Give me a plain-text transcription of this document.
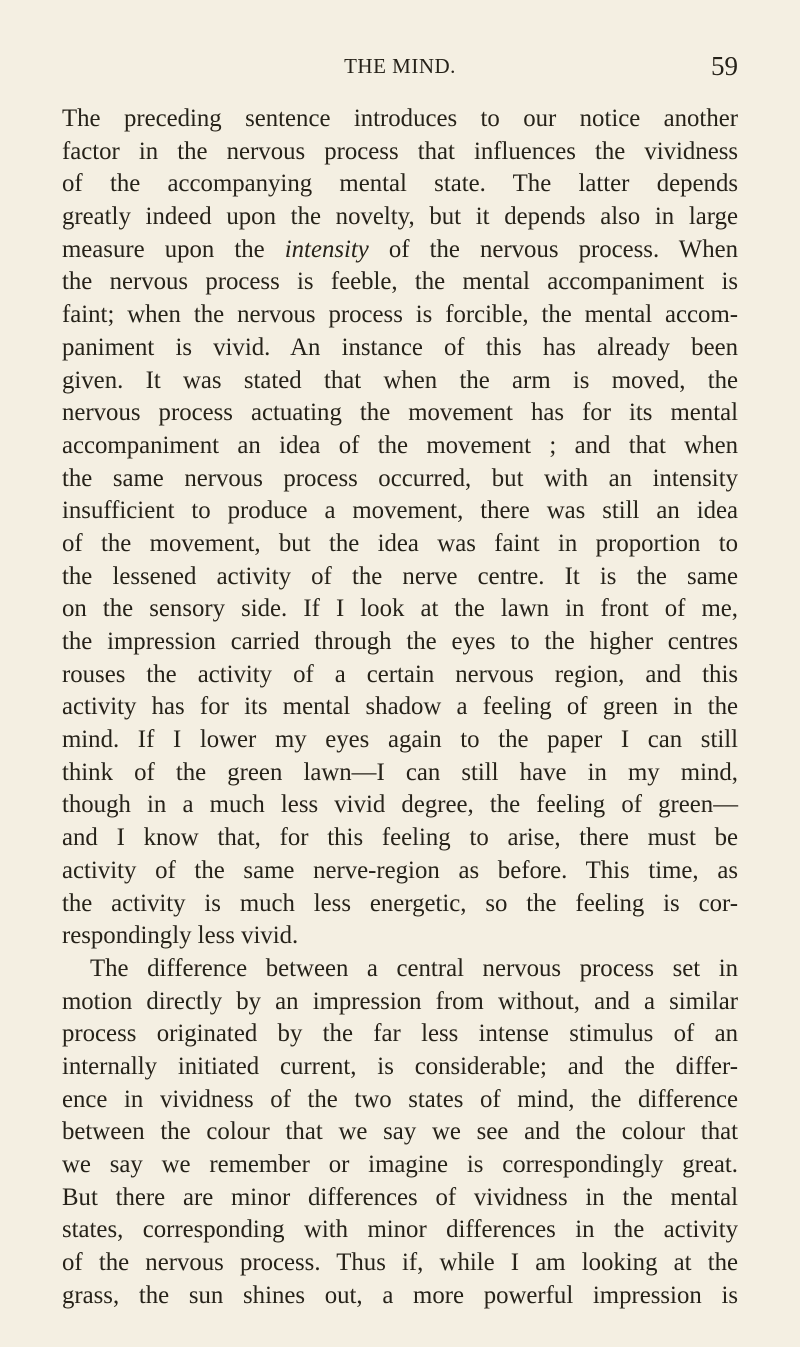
THE MIND.	59
The preceding sentence introduces to our notice another
factor in the nervous process that influences the vividness
of the accompanying mental state. The latter depends
greatly indeed upon the novelty, but it depends also in large
measure upon the intensity of the nervous process. When
the nervous process is feeble, the mental accompaniment is
faint; when the nervous process is forcible, the mental accom-
paniment is vivid. An instance of this has already been
given. It was stated that when the arm is moved, the
nervous process actuating the movement has for its mental
accompaniment an idea of the movement ; and that when
the same nervous process occurred, but with an intensity
insufficient to produce a movement, there was still an idea
of the movement, but the idea was faint in proportion to
the lessened activity of the nerve centre. It is the same
on the sensory side. If I look at the lawn in front of me,
the impression carried through the eyes to the higher centres
rouses the activity of a certain nervous region, and this
activity has for its mental shadow a feeling of green in the
mind. If I lower my eyes again to the paper I can still
think of the green lawn—I can still have in my mind,
though in a much less vivid degree, the feeling of green—
and I know that, for this feeling to arise, there must be
activity of the same nerve-region as before. This time, as
the activity is much less energetic, so the feeling is cor-
respondingly less vivid.
The difference between a central nervous process set in
motion directly by an impression from without, and a similar
process originated by the far less intense stimulus of an
internally initiated current, is considerable; and the differ-
ence in vividness of the two states of mind, the difference
between the colour that we say we see and the colour that
we say we remember or imagine is correspondingly great.
But there are minor differences of vividness in the mental
states, corresponding with minor differences in the activity
of the nervous process. Thus if, while I am looking at the
grass, the sun shines out, a more powerful impression is
